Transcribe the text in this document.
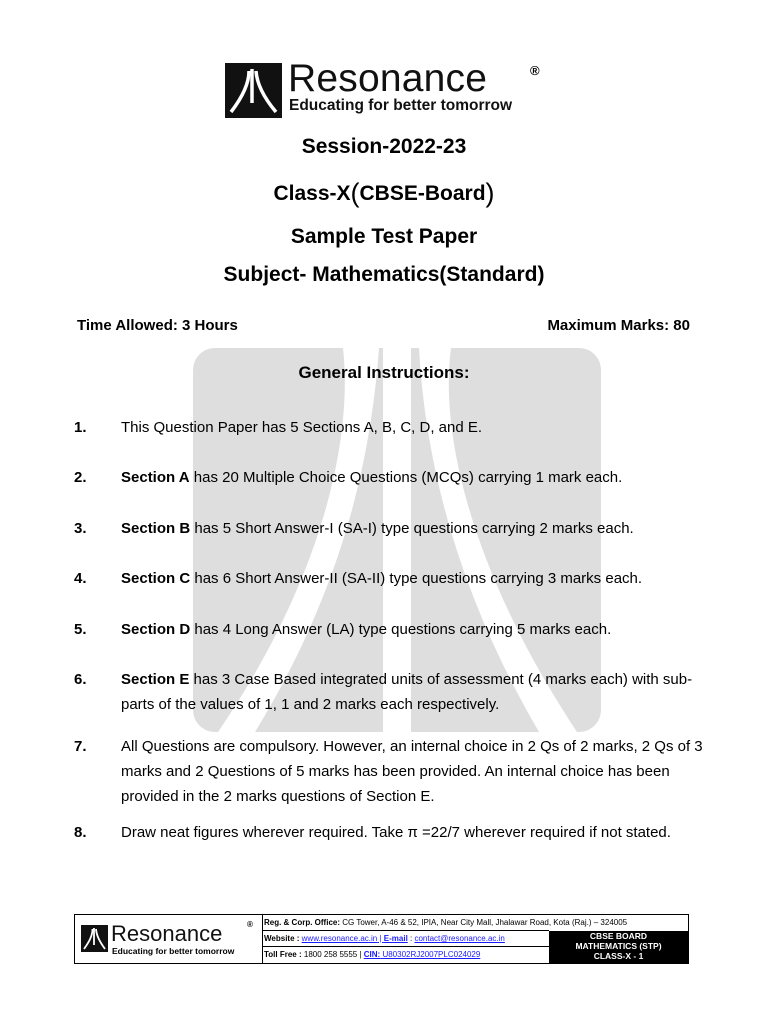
Resonance	®
Educating for better tomorrow
Session-2022-23
Class-X(CBSE-Board)
Sample Test Paper
Subject- Mathematics(Standard)
Time Allowed: 3 Hours	Maximum Marks: 80
General Instructions:
1. This Question Paper has 5 Sections A, B, C, D, and E.
2. Section A has 20 Multiple Choice Questions (MCQs) carrying 1 mark each.
3. Section B has 5 Short Answer-I (SA-I) type questions carrying 2 marks each.
4. Section C has 6 Short Answer-II (SA-II) type questions carrying 3 marks each.
5. Section D has 4 Long Answer (LA) type questions carrying 5 marks each.
6. Section E has 3 Case Based integrated units of assessment (4 marks each) with sub-parts of the values of 1, 1 and 2 marks each respectively.
7. All Questions are compulsory. However, an internal choice in 2 Qs of 2 marks, 2 Qs of 3 marks and 2 Questions of 5 marks has been provided. An internal choice has been provided in the 2 marks questions of Section E.
8. Draw neat figures wherever required. Take π =22/7 wherever required if not stated.
Resonance	®
Educating for better tomorrow
Reg. & Corp. Office: CG Tower, A-46 & 52, IPIA, Near City Mall, Jhalawar Road, Kota (Raj.) – 324005
Website : www.resonance.ac.in | E-mail : contact@resonance.ac.in
Toll Free : 1800 258 5555 | CIN: U80302RJ2007PLC024029
CBSE BOARD
MATHEMATICS (STP)
CLASS-X - 1
